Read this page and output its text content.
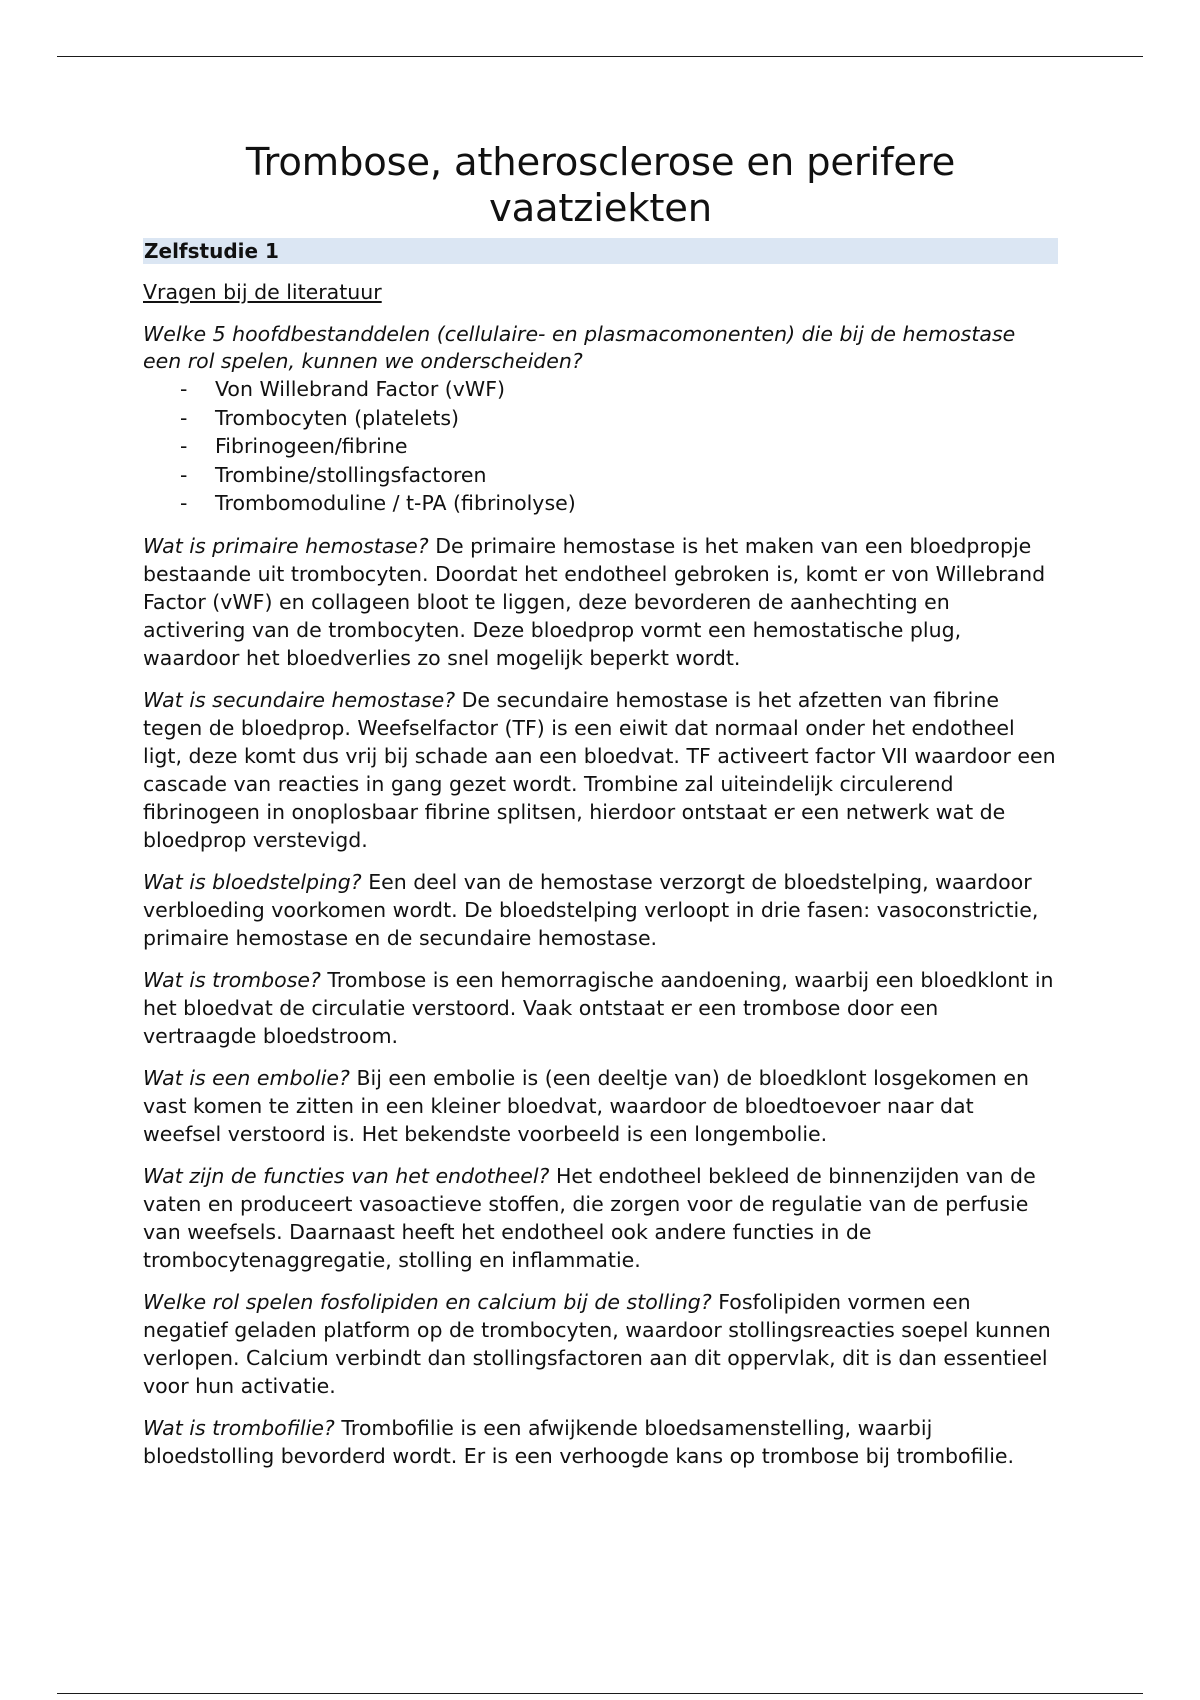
Trombose, atherosclerose en perifere vaatziekten
Zelfstudie 1
Vragen bij de literatuur
Welke 5 hoofdbestanddelen (cellulaire- en plasmacomonenten) die bij de hemostase een rol spelen, kunnen we onderscheiden?
- Von Willebrand Factor (vWF)
- Trombocyten (platelets)
- Fibrinogeen/fibrine
- Trombine/stollingsfactoren
- Trombomoduline / t-PA (fibrinolyse)
Wat is primaire hemostase? De primaire hemostase is het maken van een bloedpropje bestaande uit trombocyten. Doordat het endotheel gebroken is, komt er von Willebrand Factor (vWF) en collageen bloot te liggen, deze bevorderen de aanhechting en activering van de trombocyten. Deze bloedprop vormt een hemostatische plug, waardoor het bloedverlies zo snel mogelijk beperkt wordt.
Wat is secundaire hemostase? De secundaire hemostase is het afzetten van fibrine tegen de bloedprop. Weefselfactor (TF) is een eiwit dat normaal onder het endotheel ligt, deze komt dus vrij bij schade aan een bloedvat. TF activeert factor VII waardoor een cascade van reacties in gang gezet wordt. Trombine zal uiteindelijk circulerend fibrinogeen in onoplosbaar fibrine splitsen, hierdoor ontstaat er een netwerk wat de bloedprop verstevigd.
Wat is bloedstelping? Een deel van de hemostase verzorgt de bloedstelping, waardoor verbloeding voorkomen wordt. De bloedstelping verloopt in drie fasen: vasoconstrictie, primaire hemostase en de secundaire hemostase.
Wat is trombose? Trombose is een hemorragische aandoening, waarbij een bloedklont in het bloedvat de circulatie verstoord. Vaak ontstaat er een trombose door een vertraagde bloedstroom.
Wat is een embolie? Bij een embolie is (een deeltje van) de bloedklont losgekomen en vast komen te zitten in een kleiner bloedvat, waardoor de bloedtoevoer naar dat weefsel verstoord is. Het bekendste voorbeeld is een longembolie.
Wat zijn de functies van het endotheel? Het endotheel bekleed de binnenzijden van de vaten en produceert vasoactieve stoffen, die zorgen voor de regulatie van de perfusie van weefsels. Daarnaast heeft het endotheel ook andere functies in de trombocytenaggregatie, stolling en inflammatie.
Welke rol spelen fosfolipiden en calcium bij de stolling? Fosfolipiden vormen een negatief geladen platform op de trombocyten, waardoor stollingsreacties soepel kunnen verlopen. Calcium verbindt dan stollingsfactoren aan dit oppervlak, dit is dan essentieel voor hun activatie.
Wat is trombofilie? Trombofilie is een afwijkende bloedsamenstelling, waarbij bloedstolling bevorderd wordt. Er is een verhoogde kans op trombose bij trombofilie.
